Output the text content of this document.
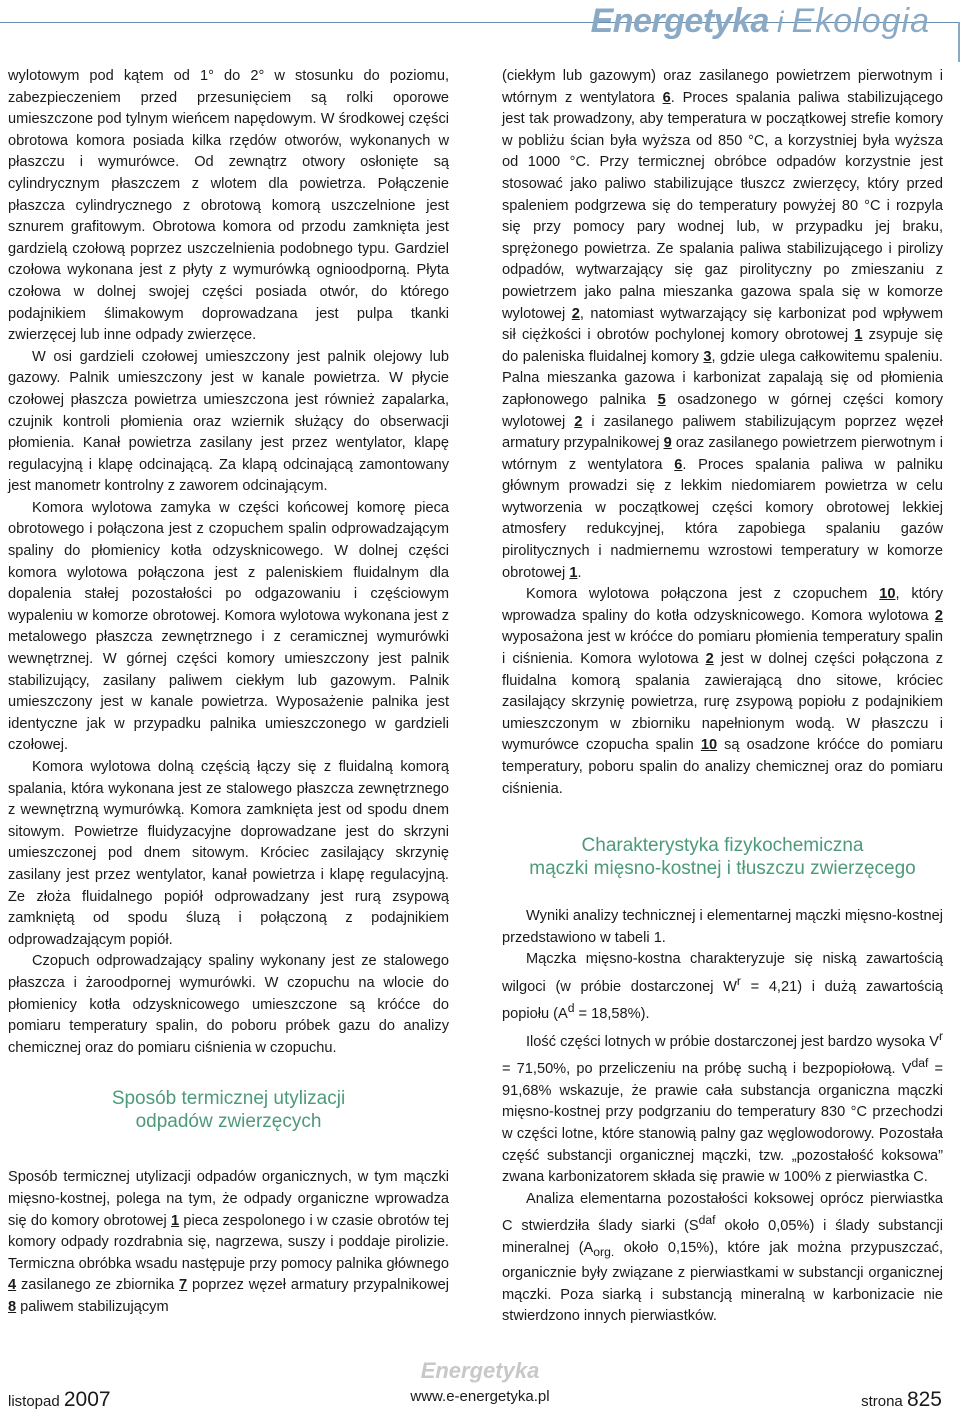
Energetyka i Ekologia

wylotowym pod kątem od 1° do 2° w stosunku do poziomu, zabezpieczeniem przed przesunięciem są rolki oporowe umieszczone pod tylnym wieńcem napędowym. W środkowej części obrotowa komora posiada kilka rzędów otworów, wykonanych w płaszczu i wymurówce. Od zewnątrz otwory osłonięte są cylindrycznym płaszczem z wlotem dla powietrza. Połączenie płaszcza cylindrycznego z obrotową komorą uszczelnione jest sznurem grafitowym. Obrotowa komora od przodu zamknięta jest gardzielą czołową poprzez uszczelnienia podobnego typu. Gardziel czołowa wykonana jest z płyty z wymurówką ognioodporną. Płyta czołowa w dolnej swojej części posiada otwór, do którego podajnikiem ślimakowym doprowadzana jest pulpa tkanki zwierzęcej lub inne odpady zwierzęce.

W osi gardzieli czołowej umieszczony jest palnik olejowy lub gazowy. Palnik umieszczony jest w kanale powietrza. W płycie czołowej płaszcza powietrza umieszczona jest również zapalarka, czujnik kontroli płomienia oraz wziernik służący do obserwacji płomienia. Kanał powietrza zasilany jest przez wentylator, klapę regulacyjną i klapę odcinającą. Za klapą odcinającą zamontowany jest manometr kontrolny z zaworem odcinającym.

Komora wylotowa zamyka w części końcowej komorę pieca obrotowego i połączona jest z czopuchem spalin odprowadzającym spaliny do płomienicy kotła odzysknicowego. W dolnej części komora wylotowa połączona jest z paleniskiem fluidalnym dla dopalenia stałej pozostałości po odgazowaniu i częściowym wypaleniu w komorze obrotowej. Komora wylotowa wykonana jest z metalowego płaszcza zewnętrznego i z ceramicznej wymurówki wewnętrznej. W górnej części komory umieszczony jest palnik stabilizujący, zasilany paliwem ciekłym lub gazowym. Palnik umieszczony jest w kanale powietrza. Wyposażenie palnika jest identyczne jak w przypadku palnika umieszczonego w gardzieli czołowej.

Komora wylotowa dolną częścią łączy się z fluidalną komorą spalania, która wykonana jest ze stalowego płaszcza zewnętrznego z wewnętrzną wymurówką. Komora zamknięta jest od spodu dnem sitowym. Powietrze fluidyzacyjne doprowadzane jest do skrzyni umieszczonej pod dnem sitowym. Króciec zasilający skrzynię zasilany jest przez wentylator, kanał powietrza i klapę regulacyjną. Ze złoża fluidalnego popiół odprowadzany jest rurą zsypową zamkniętą od spodu śluzą i połączoną z podajnikiem odprowadzającym popiół.

Czopuch odprowadzający spaliny wykonany jest ze stalowego płaszcza i żaroodpornej wymurówki. W czopuchu na wlocie do płomienicy kotła odzysknicowego umieszczone są króćce do pomiaru temperatury spalin, do poboru próbek gazu do analizy chemicznej oraz do pomiaru ciśnienia w czopuchu.

Sposób termicznej utylizacji
odpadów zwierzęcych

Sposób termicznej utylizacji odpadów organicznych, w tym mączki mięsno-kostnej, polega na tym, że odpady organiczne wprowadza się do komory obrotowej 1 pieca zespolonego i w czasie obrotów tej komory odpady rozdrabnia się, nagrzewa, suszy i poddaje pirolizie. Termiczna obróbka wsadu następuje przy pomocy palnika głównego 4 zasilanego ze zbiornika 7 poprzez węzeł armatury przypalnikowej 8 paliwem stabilizującym

(ciekłym lub gazowym) oraz zasilanego powietrzem pierwotnym i wtórnym z wentylatora 6. Proces spalania paliwa stabilizującego jest tak prowadzony, aby temperatura w początkowej strefie komory w pobliżu ścian była wyższa od 850 °C, a korzystniej była wyższa od 1000 °C. Przy termicznej obróbce odpadów korzystnie jest stosować jako paliwo stabilizujące tłuszcz zwierzęcy, który przed spaleniem podgrzewa się do temperatury powyżej 80 °C i rozpyla się przy pomocy pary wodnej lub, w przypadku jej braku, sprężonego powietrza. Ze spalania paliwa stabilizującego i pirolizy odpadów, wytwarzający się gaz pirolityczny po zmieszaniu z powietrzem jako palna mieszanka gazowa spala się w komorze wylotowej 2, natomiast wytwarzający się karbonizat pod wpływem sił ciężkości i obrotów pochylonej komory obrotowej 1 zsypuje się do paleniska fluidalnej komory 3, gdzie ulega całkowitemu spaleniu. Palna mieszanka gazowa i karbonizat zapalają się od płomienia zapłonowego palnika 5 osadzonego w górnej części komory wylotowej 2 i zasilanego paliwem stabilizującym poprzez węzeł armatury przypalnikowej 9 oraz zasilanego powietrzem pierwotnym i wtórnym z wentylatora 6. Proces spalania paliwa w palniku głównym prowadzi się z lekkim niedomiarem powietrza w celu wytworzenia w początkowej części komory obrotowej lekkiej atmosfery redukcyjnej, która zapobiega spalaniu gazów pirolitycznych i nadmiernemu wzrostowi temperatury w komorze obrotowej 1.

Komora wylotowa połączona jest z czopuchem 10, który wprowadza spaliny do kotła odzysknicowego. Komora wylotowa 2 wyposażona jest w króćce do pomiaru płomienia temperatury spalin i ciśnienia. Komora wylotowa 2 jest w dolnej części połączona z fluidalna komorą spalania zawierającą dno sitowe, króciec zasilający skrzynię powietrza, rurę zsypową popiołu z podajnikiem umieszczonym w zbiorniku napełnionym wodą. W płaszczu i wymurówce czopucha spalin 10 są osadzone króćce do pomiaru temperatury, poboru spalin do analizy chemicznej oraz do pomiaru ciśnienia.

Charakterystyka fizykochemiczna
mączki mięsno-kostnej i tłuszczu zwierzęcego

Wyniki analizy technicznej i elementarnej mączki mięsno-kostnej przedstawiono w tabeli 1.

Mączka mięsno-kostna charakteryzuje się niską zawartością wilgoci (w próbie dostarczonej $W^r = 4,21$) i dużą zawartością popiołu $(A^d = 18,58\%)$.

Ilość części lotnych w próbie dostarczonej jest bardzo wysoka $V^r = 71,50\%$, po przeliczeniu na próbę suchą i bezpopiołową. $V^{daf} = 91,68\%$ wskazuje, że prawie cała substancja organiczna mączki mięsno-kostnej przy podgrzaniu do temperatury 830 °C przechodzi w części lotne, które stanowią palny gaz węglowodorowy. Pozostała część substancji organicznej mączki, tzw. „pozostałość koksowa” zwana karbonizatorem składa się prawie w 100% z pierwiastka C.

Analiza elementarna pozostałości koksowej oprócz pierwiastka C stwierdziła ślady siarki ($S^{daf}$ około 0,05%) i ślady substancji mineralnej ($A_{org.}$ około 0,15%), które jak można przypuszczać, organicznie były związane z pierwiastkami w substancji organicznej mączki. Poza siarką i substancją mineralną w karbonizacie nie stwierdzono innych pierwiastków.

Energetyka
listopad 2007	www.e-energetyka.pl	strona 825
